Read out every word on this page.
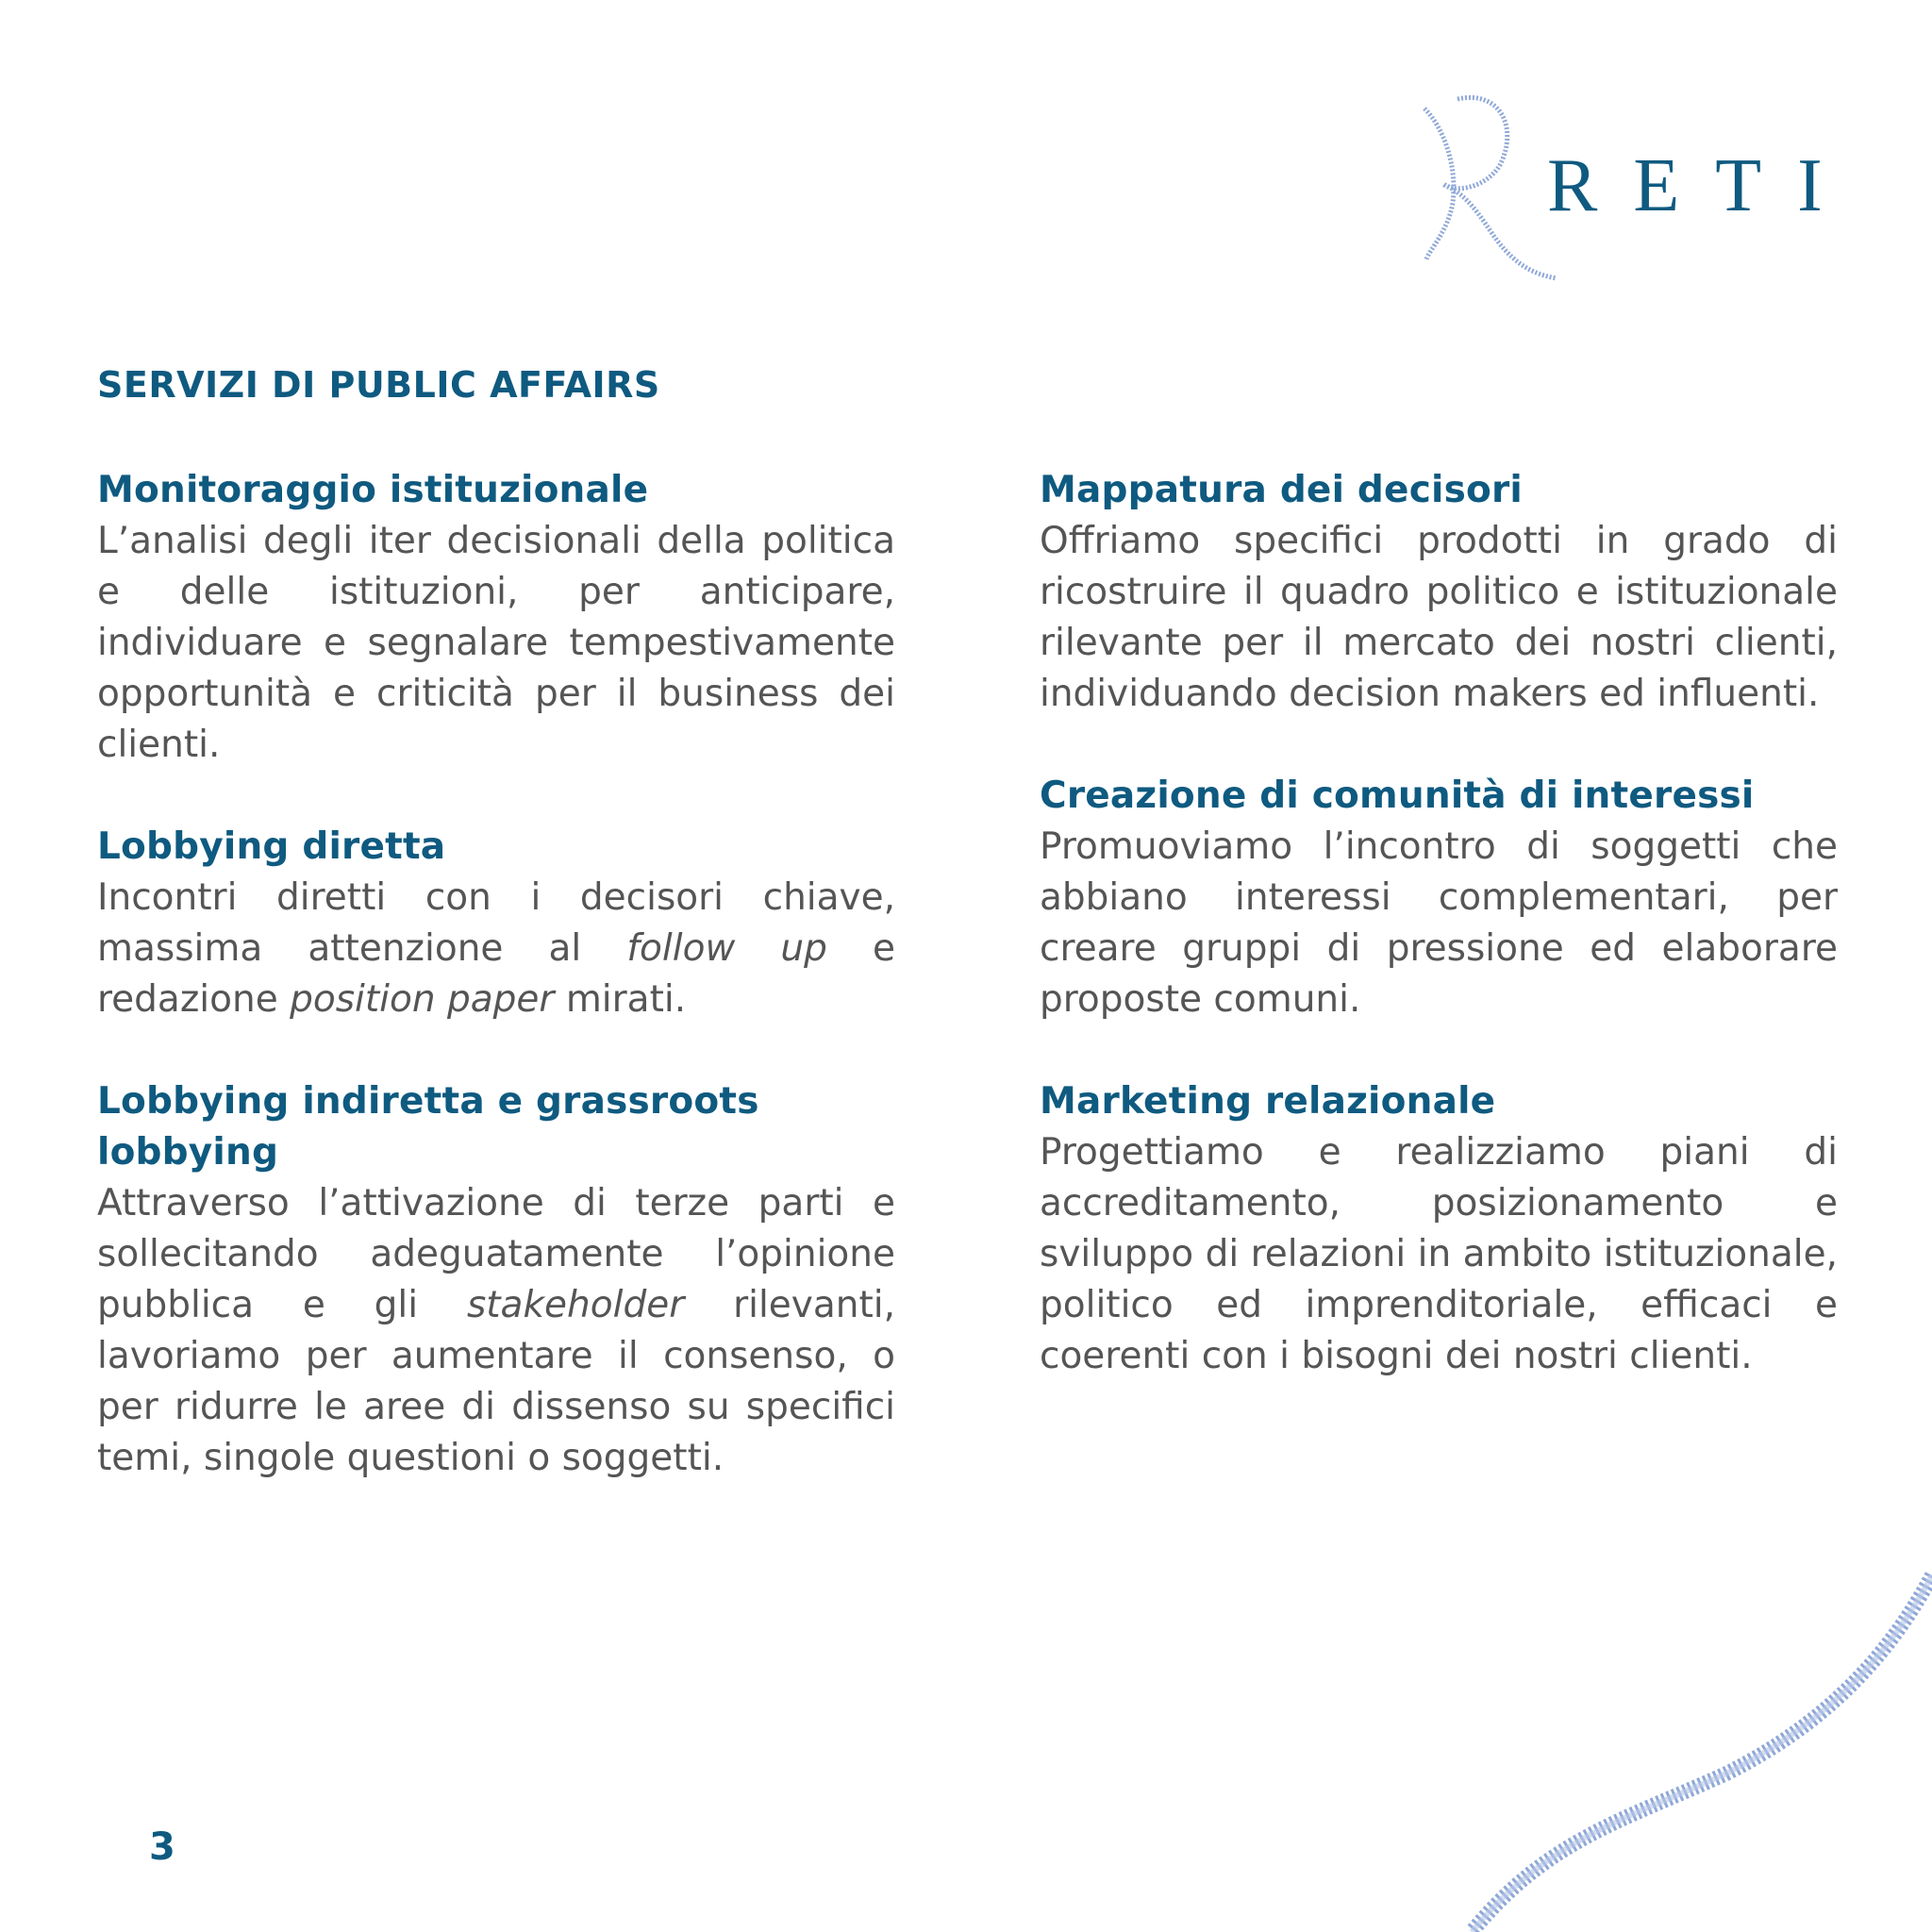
RETI
SERVIZI DI PUBLIC AFFAIRS
Monitoraggio istituzionale

L’analisi degli iter decisionali della politica e delle istituzioni, per anticipare, individuare e segnalare tempestivamente opportunità e criticità per il business dei clienti.

Lobbying diretta

Incontri diretti con i decisori chiave, massima attenzione al follow up e redazione position paper mirati.

Lobbying indiretta e grassroots lobbying

Attraverso l’attivazione di terze parti e sollecitando adeguatamente l’opinione pubblica e gli stakeholder rilevanti, lavoriamo per aumentare il consenso, o per ridurre le aree di dissenso su specifici temi, singole questioni o soggetti.

Mappatura dei decisori

Offriamo specifici prodotti in grado di ricostruire il quadro politico e istituzionale rilevante per il mercato dei nostri clienti, individuando decision makers ed influenti.

Creazione di comunità di interessi

Promuoviamo l’incontro di soggetti che abbiano interessi complementari, per creare gruppi di pressione ed elaborare proposte comuni.

Marketing relazionale

Progettiamo e realizziamo piani di accreditamento, posizionamento e sviluppo di relazioni in ambito istituzionale, politico ed imprenditoriale, efficaci e coerenti con i bisogni dei nostri clienti.

3
